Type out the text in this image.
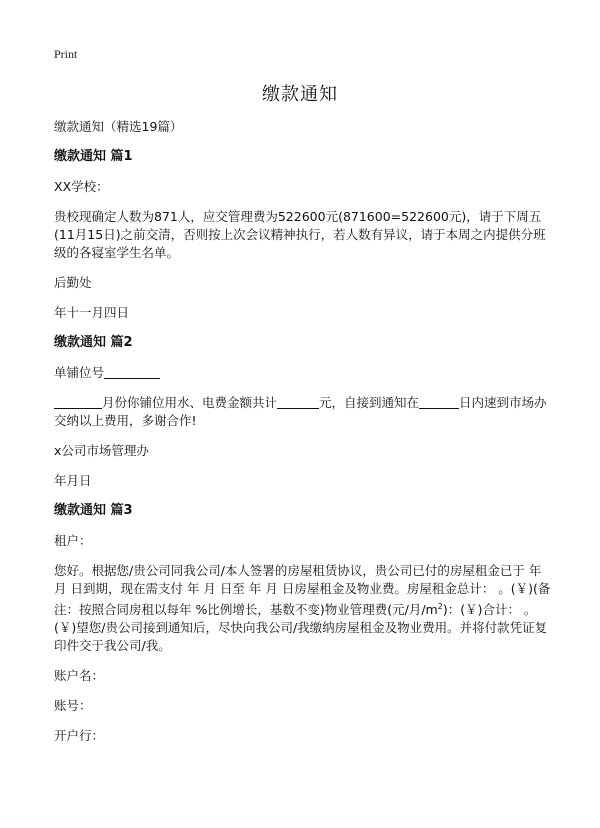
Print
缴款通知

缴款通知（精选19篇）

缴款通知 篇1

XX学校：

贵校现确定人数为871人，应交管理费为522600元(871600=522600元)，请于下周五(11月15日)之前交清，否则按上次会议精神执行，若人数有异议，请于本周之内提供分班级的各寝室学生名单。

后勤处

年十一月四日

缴款通知 篇2

单铺位号

月份你铺位用水、电费金额共计	元，自接到通知在	日内速到市场办交纳以上费用，多谢合作!

x公司市场管理办

年月日

缴款通知 篇3

租户：

您好。根据您/贵公司同我公司/本人签署的房屋租赁协议，贵公司已付的房屋租金已于 年 月 日到期，现在需支付 年 月 日至 年 月 日房屋租金及物业费。房屋租金总计： 。(￥)(备注：按照合同房租以每年 %比例增长，基数不变)物业管理费(元/月$/m^2$)：(￥)合计： 。(￥)望您/贵公司接到通知后，尽快向我公司/我缴纳房屋租金及物业费用。并将付款凭证复印件交于我公司/我。

账户名：

账号：

开户行：
